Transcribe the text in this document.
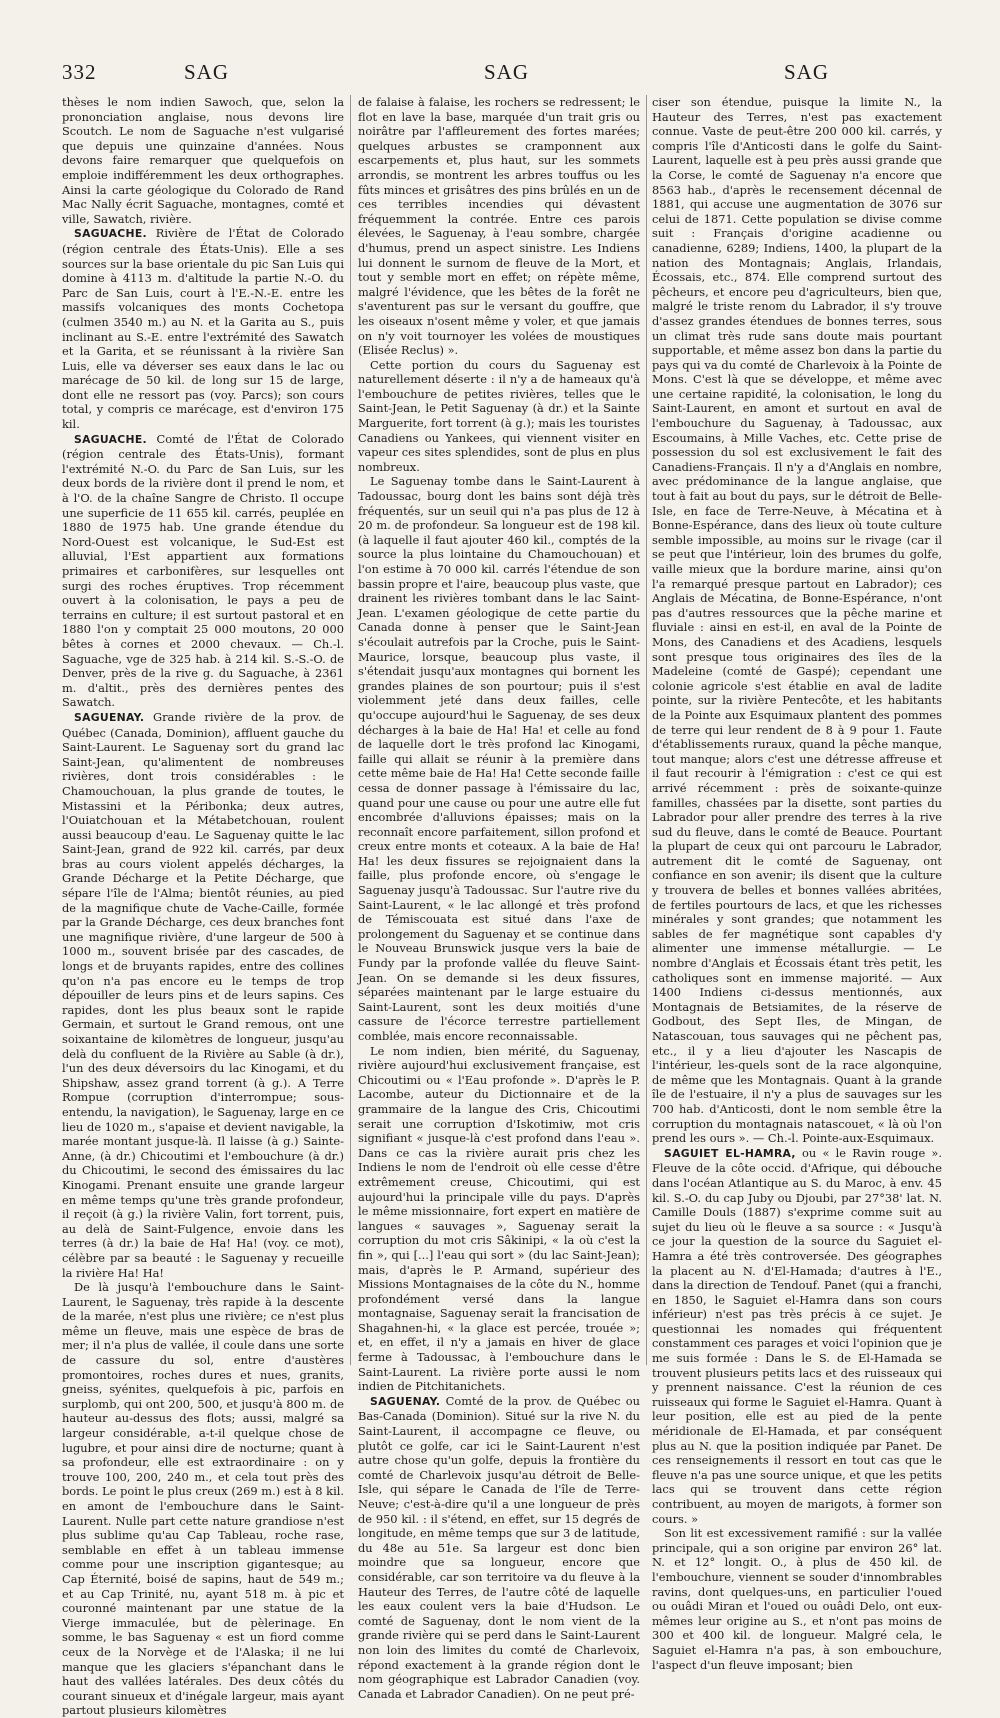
332	SAG	SAG	SAG

thèses le nom indien Sawoch, que, selon la prononciation anglaise, nous devons lire Scoutch. Le nom de Saguache n'est vulgarisé que depuis une quinzaine d'années. Nous devons faire remarquer que quelquefois on emploie indifféremment les deux orthographes. Ainsi la carte géologique du Colorado de Rand Mac Nally écrit Saguache, montagnes, comté et ville, Sawatch, rivière.

SAGUACHE. Rivière de l'État de Colorado (région centrale des États-Unis). Elle a ses sources sur la base orientale du pic San Luis qui domine à 4113 m. d'altitude la partie N.-O. du Parc de San Luis, court à l'E.-N.-E. entre les massifs volcaniques des monts Cochetopa (culmen 3540 m.) au N. et la Garita au S., puis inclinant au S.-E. entre l'extrémité des Sawatch et la Garita, et se réunissant à la rivière San Luis, elle va déverser ses eaux dans le lac ou marécage de 50 kil. de long sur 15 de large, dont elle ne ressort pas (voy. Parcs); son cours total, y compris ce marécage, est d'environ 175 kil.

SAGUACHE. Comté de l'État de Colorado (région centrale des États-Unis), formant l'extrémité N.-O. du Parc de San Luis, sur les deux bords de la rivière dont il prend le nom, et à l'O. de la chaîne Sangre de Christo. Il occupe une superficie de 11 655 kil. carrés, peuplée en 1880 de 1975 hab. Une grande étendue du Nord-Ouest est volcanique, le Sud-Est est alluvial, l'Est appartient aux formations primaires et carbonifères, sur lesquelles ont surgi des roches éruptives. Trop récemment ouvert à la colonisation, le pays a peu de terrains en culture; il est surtout pastoral et en 1880 l'on y comptait 25 000 moutons, 20 000 bêtes à cornes et 2000 chevaux. — Ch.-l. Saguache, vge de 325 hab. à 214 kil. S.-S.-O. de Denver, près de la rive g. du Saguache, à 2361 m. d'altit., près des dernières pentes des Sawatch.

SAGUENAY. Grande rivière de la prov. de Québec (Canada, Dominion), affluent gauche du Saint-Laurent. Le Saguenay sort du grand lac Saint-Jean, qu'alimentent de nombreuses rivières, dont trois considérables : le Chamouchouan, la plus grande de toutes, le Mistassini et la Péribonka; deux autres, l'Ouiatchouan et la Métabetchouan, roulent aussi beaucoup d'eau. Le Saguenay quitte le lac Saint-Jean, grand de 922 kil. carrés, par deux bras au cours violent appelés décharges, la Grande Décharge et la Petite Décharge, que sépare l'île de l'Alma; bientôt réunies, au pied de la magnifique chute de Vache-Caille, formée par la Grande Décharge, ces deux branches font une magnifique rivière, d'une largeur de 500 à 1000 m., souvent brisée par des cascades, de longs et de bruyants rapides, entre des collines qu'on n'a pas encore eu le temps de trop dépouiller de leurs pins et de leurs sapins. Ces rapides, dont les plus beaux sont le rapide Germain, et surtout le Grand remous, ont une soixantaine de kilomètres de longueur, jusqu'au delà du confluent de la Rivière au Sable (à dr.), l'un des deux déversoirs du lac Kinogami, et du Shipshaw, assez grand torrent (à g.). A Terre Rompue (corruption d'interrompue; sous-entendu, la navigation), le Saguenay, large en ce lieu de 1020 m., s'apaise et devient navigable, la marée montant jusque-là. Il laisse (à g.) Sainte-Anne, (à dr.) Chicoutimi et l'embouchure (à dr.) du Chicoutimi, le second des émissaires du lac Kinogami. Prenant ensuite une grande largeur en même temps qu'une très grande profondeur, il reçoit (à g.) la rivière Valin, fort torrent, puis, au delà de Saint-Fulgence, envoie dans les terres (à dr.) la baie de Ha! Ha! (voy. ce mot), célèbre par sa beauté : le Saguenay y recueille la rivière Ha! Ha!

De là jusqu'à l'embouchure dans le Saint-Laurent, le Saguenay, très rapide à la descente de la marée, n'est plus une rivière; ce n'est plus même un fleuve, mais une espèce de bras de mer; il n'a plus de vallée, il coule dans une sorte de cassure du sol, entre d'austères promontoires, roches dures et nues, granits, gneiss, syénites, quelquefois à pic, parfois en surplomb, qui ont 200, 500, et jusqu'à 800 m. de hauteur au-dessus des flots; aussi, malgré sa largeur considérable, a-t-il quelque chose de lugubre, et pour ainsi dire de nocturne; quant à sa profondeur, elle est extraordinaire : on y trouve 100, 200, 240 m., et cela tout près des bords. Le point le plus creux (269 m.) est à 8 kil. en amont de l'embouchure dans le Saint-Laurent. Nulle part cette nature grandiose n'est plus sublime qu'au Cap Tableau, roche rase, semblable en effet à un tableau immense comme pour une inscription gigantesque; au Cap Éternité, boisé de sapins, haut de 549 m.; et au Cap Trinité, nu, ayant 518 m. à pic et couronné maintenant par une statue de la Vierge immaculée, but de pèlerinage. En somme, le bas Saguenay « est un fiord comme ceux de la Norvège et de l'Alaska; il ne lui manque que les glaciers s'épanchant dans le haut des vallées latérales. Des deux côtés du courant sinueux et d'inégale largeur, mais ayant partout plusieurs kilomètres

de falaise à falaise, les rochers se redressent; le flot en lave la base, marquée d'un trait gris ou noirâtre par l'affleurement des fortes marées; quelques arbustes se cramponnent aux escarpements et, plus haut, sur les sommets arrondis, se montrent les arbres touffus ou les fûts minces et grisâtres des pins brûlés en un de ces terribles incendies qui dévastent fréquemment la contrée. Entre ces parois élevées, le Saguenay, à l'eau sombre, chargée d'humus, prend un aspect sinistre. Les Indiens lui donnent le surnom de fleuve de la Mort, et tout y semble mort en effet; on répète même, malgré l'évidence, que les bêtes de la forêt ne s'aventurent pas sur le versant du gouffre, que les oiseaux n'osent même y voler, et que jamais on n'y voit tournoyer les volées de moustiques (Elisée Reclus) ».

Cette portion du cours du Saguenay est naturellement déserte : il n'y a de hameaux qu'à l'embouchure de petites rivières, telles que le Saint-Jean, le Petit Saguenay (à dr.) et la Sainte Marguerite, fort torrent (à g.); mais les touristes Canadiens ou Yankees, qui viennent visiter en vapeur ces sites splendides, sont de plus en plus nombreux.

Le Saguenay tombe dans le Saint-Laurent à Tadoussac, bourg dont les bains sont déjà très fréquentés, sur un seuil qui n'a pas plus de 12 à 20 m. de profondeur. Sa longueur est de 198 kil. (à laquelle il faut ajouter 460 kil., comptés de la source la plus lointaine du Chamouchouan) et l'on estime à 70 000 kil. carrés l'étendue de son bassin propre et l'aire, beaucoup plus vaste, que drainent les rivières tombant dans le lac Saint-Jean. L'examen géologique de cette partie du Canada donne à penser que le Saint-Jean s'écoulait autrefois par la Croche, puis le Saint-Maurice, lorsque, beaucoup plus vaste, il s'étendait jusqu'aux montagnes qui bornent les grandes plaines de son pourtour; puis il s'est violemment jeté dans deux failles, celle qu'occupe aujourd'hui le Saguenay, de ses deux décharges à la baie de Ha! Ha! et celle au fond de laquelle dort le très profond lac Kinogami, faille qui allait se réunir à la première dans cette même baie de Ha! Ha! Cette seconde faille cessa de donner passage à l'émissaire du lac, quand pour une cause ou pour une autre elle fut encombrée d'alluvions épaisses; mais on la reconnaît encore parfaitement, sillon profond et creux entre monts et coteaux. A la baie de Ha! Ha! les deux fissures se rejoignaient dans la faille, plus profonde encore, où s'engage le Saguenay jusqu'à Tadoussac. Sur l'autre rive du Saint-Laurent, « le lac allongé et très profond de Témiscouata est situé dans l'axe de prolongement du Saguenay et se continue dans le Nouveau Brunswick jusque vers la baie de Fundy par la profonde vallée du fleuve Saint-Jean. On se demande si les deux fissures, séparées maintenant par le large estuaire du Saint-Laurent, sont les deux moitiés d'une cassure de l'écorce terrestre partiellement comblée, mais encore reconnaissable.

Le nom indien, bien mérité, du Saguenay, rivière aujourd'hui exclusivement française, est Chicoutimi ou « l'Eau profonde ». D'après le P. Lacombe, auteur du Dictionnaire et de la grammaire de la langue des Cris, Chicoutimi serait une corruption d'Iskotimiw, mot cris signifiant « jusque-là c'est profond dans l'eau ». Dans ce cas la rivière aurait pris chez les Indiens le nom de l'endroit où elle cesse d'être extrêmement creuse, Chicoutimi, qui est aujourd'hui la principale ville du pays. D'après le même missionnaire, fort expert en matière de langues « sauvages », Saguenay serait la corruption du mot cris Sâkinipi, « la où c'est la fin », qui [...] l'eau qui sort » (du lac Saint-Jean); mais, d'après le P. Armand, supérieur des Missions Montagnaises de la côte du N., homme profondément versé dans la langue montagnaise, Saguenay serait la francisation de Shagahnen-hi, « la glace est percée, trouée »; et, en effet, il n'y a jamais en hiver de glace ferme à Tadoussac, à l'embouchure dans le Saint-Laurent. La rivière porte aussi le nom indien de Pitchitanichets.

SAGUENAY. Comté de la prov. de Québec ou Bas-Canada (Dominion). Situé sur la rive N. du Saint-Laurent, il accompagne ce fleuve, ou plutôt ce golfe, car ici le Saint-Laurent n'est autre chose qu'un golfe, depuis la frontière du comté de Charlevoix jusqu'au détroit de Belle-Isle, qui sépare le Canada de l'île de Terre-Neuve; c'est-à-dire qu'il a une longueur de près de 950 kil. : il s'étend, en effet, sur 15 degrés de longitude, en même temps que sur 3 de latitude, du 48e au 51e. Sa largeur est donc bien moindre que sa longueur, encore que considérable, car son territoire va du fleuve à la Hauteur des Terres, de l'autre côté de laquelle les eaux coulent vers la baie d'Hudson. Le comté de Saguenay, dont le nom vient de la grande rivière qui se perd dans le Saint-Laurent non loin des limites du comté de Charlevoix, répond exactement à la grande région dont le nom géographique est Labrador Canadien (voy. Canada et Labrador Canadien). On ne peut pré-

ciser son étendue, puisque la limite N., la Hauteur des Terres, n'est pas exactement connue. Vaste de peut-être 200 000 kil. carrés, y compris l'île d'Anticosti dans le golfe du Saint-Laurent, laquelle est à peu près aussi grande que la Corse, le comté de Saguenay n'a encore que 8563 hab., d'après le recensement décennal de 1881, qui accuse une augmentation de 3076 sur celui de 1871. Cette population se divise comme suit : Français d'origine acadienne ou canadienne, 6289; Indiens, 1400, la plupart de la nation des Montagnais; Anglais, Irlandais, Écossais, etc., 874. Elle comprend surtout des pêcheurs, et encore peu d'agriculteurs, bien que, malgré le triste renom du Labrador, il s'y trouve d'assez grandes étendues de bonnes terres, sous un climat très rude sans doute mais pourtant supportable, et même assez bon dans la partie du pays qui va du comté de Charlevoix à la Pointe de Mons. C'est là que se développe, et même avec une certaine rapidité, la colonisation, le long du Saint-Laurent, en amont et surtout en aval de l'embouchure du Saguenay, à Tadoussac, aux Escoumains, à Mille Vaches, etc. Cette prise de possession du sol est exclusivement le fait des Canadiens-Français. Il n'y a d'Anglais en nombre, avec prédominance de la langue anglaise, que tout à fait au bout du pays, sur le détroit de Belle-Isle, en face de Terre-Neuve, à Mécatina et à Bonne-Espérance, dans des lieux où toute culture semble impossible, au moins sur le rivage (car il se peut que l'intérieur, loin des brumes du golfe, vaille mieux que la bordure marine, ainsi qu'on l'a remarqué presque partout en Labrador); ces Anglais de Mécatina, de Bonne-Espérance, n'ont pas d'autres ressources que la pêche marine et fluviale : ainsi en est-il, en aval de la Pointe de Mons, des Canadiens et des Acadiens, lesquels sont presque tous originaires des îles de la Madeleine (comté de Gaspé); cependant une colonie agricole s'est établie en aval de ladite pointe, sur la rivière Pentecôte, et les habitants de la Pointe aux Esquimaux plantent des pommes de terre qui leur rendent de 8 à 9 pour 1. Faute d'établissements ruraux, quand la pêche manque, tout manque; alors c'est une détresse affreuse et il faut recourir à l'émigration : c'est ce qui est arrivé récemment : près de soixante-quinze familles, chassées par la disette, sont parties du Labrador pour aller prendre des terres à la rive sud du fleuve, dans le comté de Beauce. Pourtant la plupart de ceux qui ont parcouru le Labrador, autrement dit le comté de Saguenay, ont confiance en son avenir; ils disent que la culture y trouvera de belles et bonnes vallées abritées, de fertiles pourtours de lacs, et que les richesses minérales y sont grandes; que notamment les sables de fer magnétique sont capables d'y alimenter une immense métallurgie. — Le nombre d'Anglais et Écossais étant très petit, les catholiques sont en immense majorité. — Aux 1400 Indiens ci-dessus mentionnés, aux Montagnais de Betsiamites, de la réserve de Godbout, des Sept Iles, de Mingan, de Natascouan, tous sauvages qui ne pêchent pas, etc., il y a lieu d'ajouter les Nascapis de l'intérieur, les-quels sont de la race algonquine, de même que les Montagnais. Quant à la grande île de l'estuaire, il n'y a plus de sauvages sur les 700 hab. d'Anticosti, dont le nom semble être la corruption du montagnais natascouet, « là où l'on prend les ours ». — Ch.-l. Pointe-aux-Esquimaux.

SAGUIET EL-HAMRA, ou « le Ravin rouge ». Fleuve de la côte occid. d'Afrique, qui débouche dans l'océan Atlantique au S. du Maroc, à env. 45 kil. S.-O. du cap Juby ou Djoubi, par 27°38' lat. N. Camille Douls (1887) s'exprime comme suit au sujet du lieu où le fleuve a sa source : « Jusqu'à ce jour la question de la source du Saguiet el-Hamra a été très controversée. Des géographes la placent au N. d'El-Hamada; d'autres à l'E., dans la direction de Tendouf. Panet (qui a franchi, en 1850, le Saguiet el-Hamra dans son cours inférieur) n'est pas très précis à ce sujet. Je questionnai les nomades qui fréquentent constamment ces parages et voici l'opinion que je me suis formée : Dans le S. de El-Hamada se trouvent plusieurs petits lacs et des ruisseaux qui y prennent naissance. C'est la réunion de ces ruisseaux qui forme le Saguiet el-Hamra. Quant à leur position, elle est au pied de la pente méridionale de El-Hamada, et par conséquent plus au N. que la position indiquée par Panet. De ces renseignements il ressort en tout cas que le fleuve n'a pas une source unique, et que les petits lacs qui se trouvent dans cette région contribuent, au moyen de marigots, à former son cours. »

Son lit est excessivement ramifié : sur la vallée principale, qui a son origine par environ 26° lat. N. et 12° longit. O., à plus de 450 kil. de l'embouchure, viennent se souder d'innombrables ravins, dont quelques-uns, en particulier l'oued ou ouâdi Miran et l'oued ou ouâdi Delo, ont eux-mêmes leur origine au S., et n'ont pas moins de 300 et 400 kil. de longueur. Malgré cela, le Saguiet el-Hamra n'a pas, à son embouchure, l'aspect d'un fleuve imposant; bien
